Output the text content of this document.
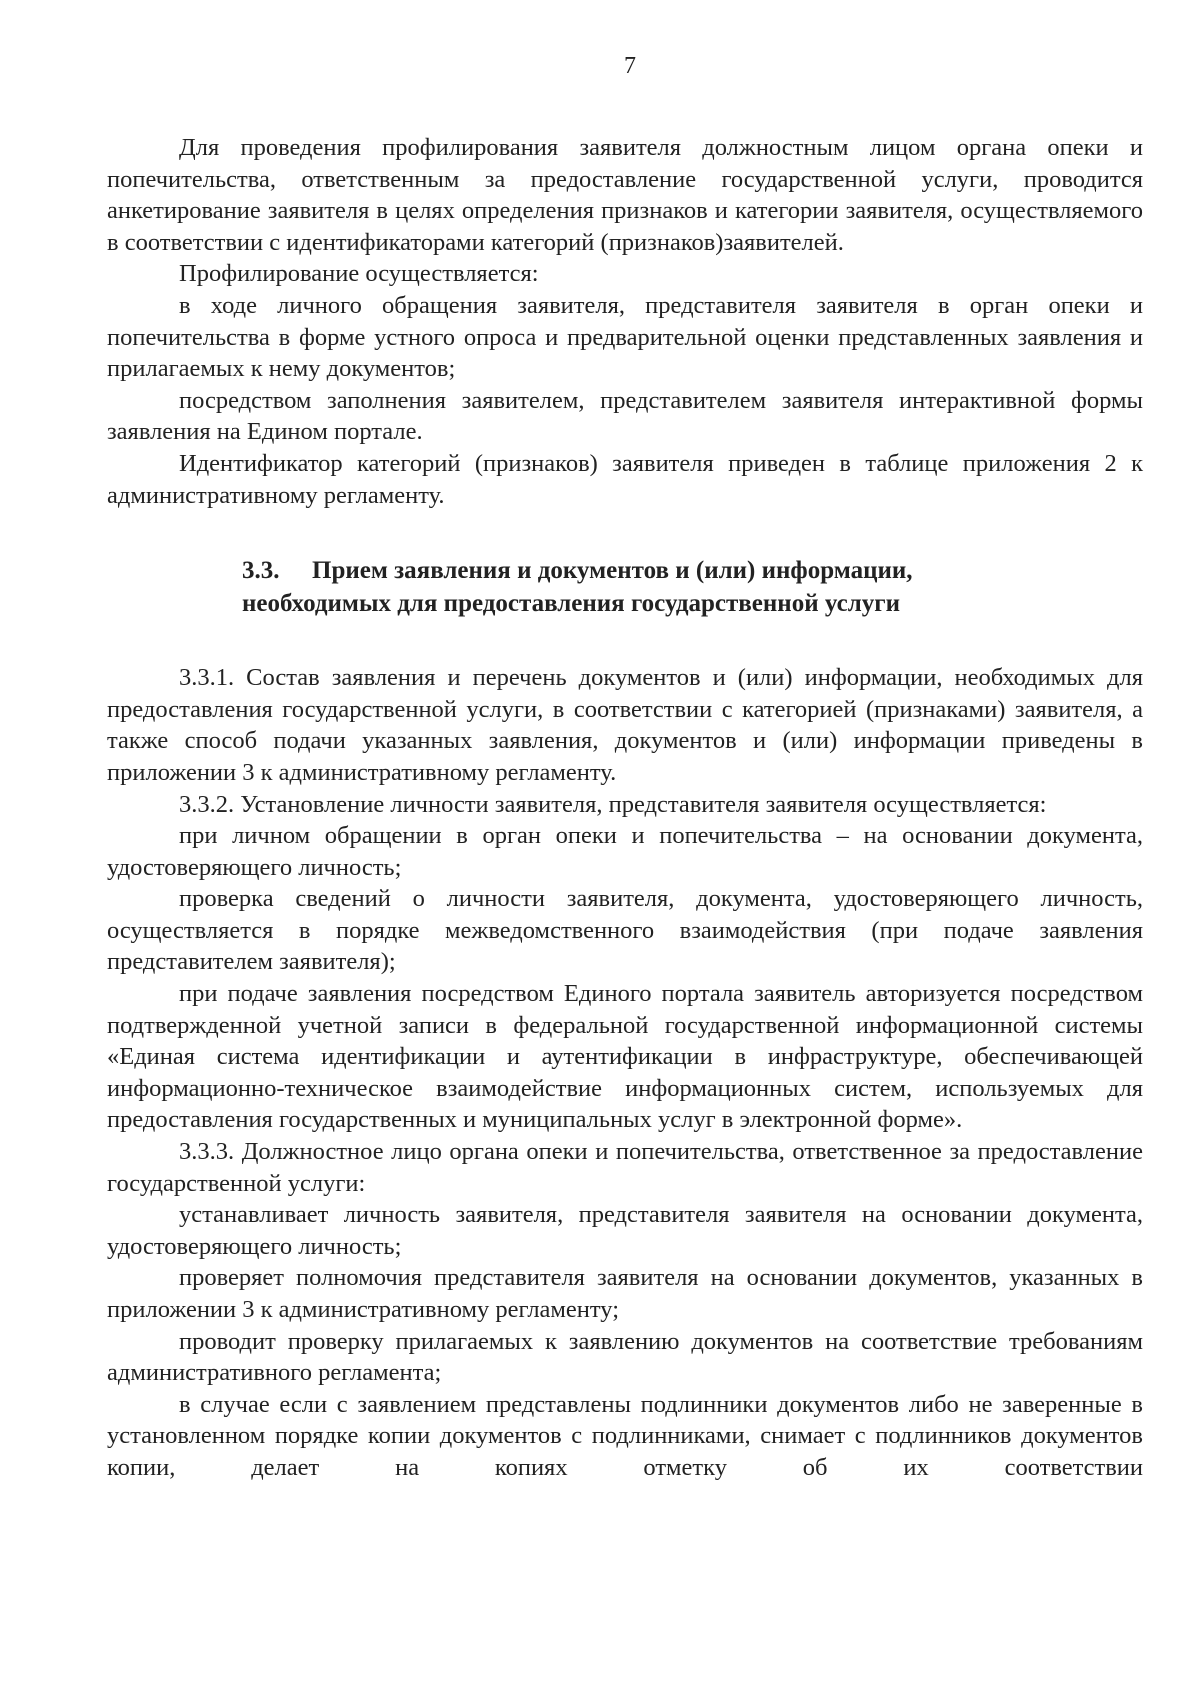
7

Для проведения профилирования заявителя должностным лицом органа опеки и попечительства, ответственным за предоставление государственной услуги, проводится анкетирование заявителя в целях определения признаков и категории заявителя, осуществляемого в соответствии с идентификаторами категорий (признаков)заявителей.

Профилирование осуществляется:

в ходе личного обращения заявителя, представителя заявителя в орган опеки и попечительства в форме устного опроса и предварительной оценки представленных заявления и прилагаемых к нему документов;

посредством заполнения заявителем, представителем заявителя интерактивной формы заявления на Едином портале.

Идентификатор категорий (признаков) заявителя приведен в таблице приложения 2 к административному регламенту.

3.3. Прием заявления и документов и (или) информации,
необходимых для предоставления государственной услуги

3.3.1. Состав заявления и перечень документов и (или) информации, необходимых для предоставления государственной услуги, в соответствии с категорией (признаками) заявителя, а также способ подачи указанных заявления, документов и (или) информации приведены в приложении 3 к административному регламенту.

3.3.2. Установление личности заявителя, представителя заявителя осуществляется:

при личном обращении в орган опеки и попечительства – на основании документа, удостоверяющего личность;

проверка сведений о личности заявителя, документа, удостоверяющего личность, осуществляется в порядке межведомственного взаимодействия (при подаче заявления представителем заявителя);

при подаче заявления посредством Единого портала заявитель авторизуется посредством подтвержденной учетной записи в федеральной государственной информационной системы «Единая система идентификации и аутентификации в инфраструктуре, обеспечивающей информационно-техническое взаимодействие информационных систем, используемых для предоставления государственных и муниципальных услуг в электронной форме».

3.3.3. Должностное лицо органа опеки и попечительства, ответственное за предоставление государственной услуги:

устанавливает личность заявителя, представителя заявителя на основании документа, удостоверяющего личность;

проверяет полномочия представителя заявителя на основании документов, указанных в приложении 3 к административному регламенту;

проводит проверку прилагаемых к заявлению документов на соответствие требованиям административного регламента;

в случае если с заявлением представлены подлинники документов либо не заверенные в установленном порядке копии документов с подлинниками, снимает с подлинников документов копии, делает на копиях отметку об их соответствии
